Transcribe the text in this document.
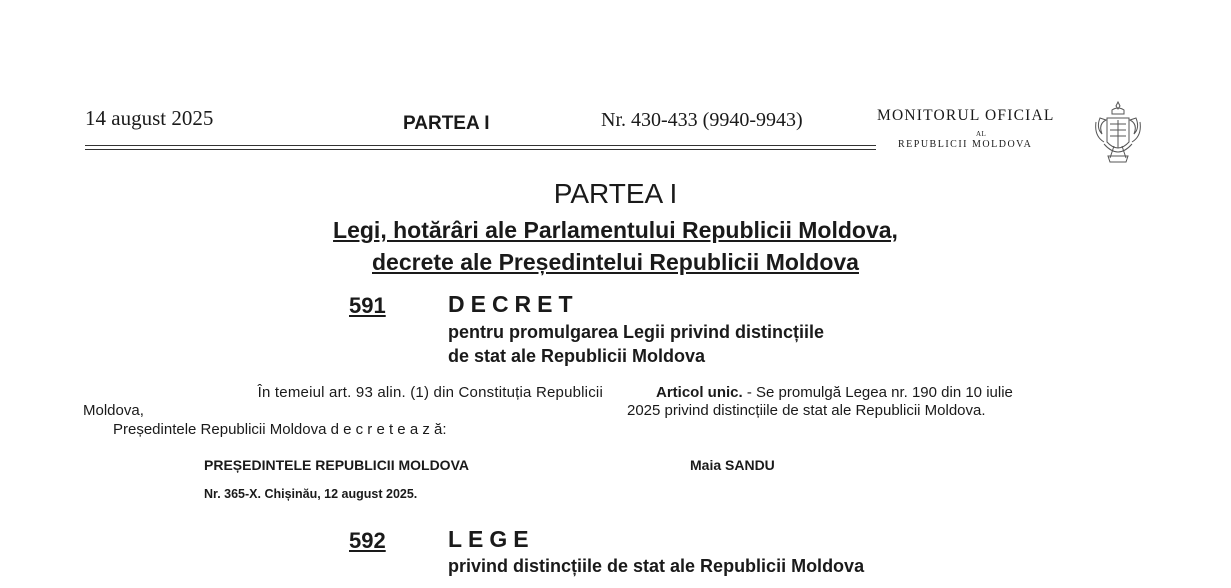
14 august 2025	PARTEA I	Nr. 430-433 (9940-9943)	MONITORUL OFICIAL
AL
REPUBLICII MOLDOVA
PARTEA I
Legi, hotărâri ale Parlamentului Republicii Moldova,
decrete ale Președintelui Republicii Moldova
591	DECRET
pentru promulgarea Legii privind distincțiile
de stat ale Republicii Moldova
În temeiul art. 93 alin. (1) din Constituția Republicii
Moldova,
Președintele Republicii Moldova d e c r e t e a z ă:
Articol unic. - Se promulgă Legea nr. 190 din 10 iulie
2025 privind distincțiile de stat ale Republicii Moldova.
PREȘEDINTELE REPUBLICII MOLDOVA	Maia SANDU
Nr. 365-X. Chișinău, 12 august 2025.
592	LEGE
privind distincțiile de stat ale Republicii Moldova
